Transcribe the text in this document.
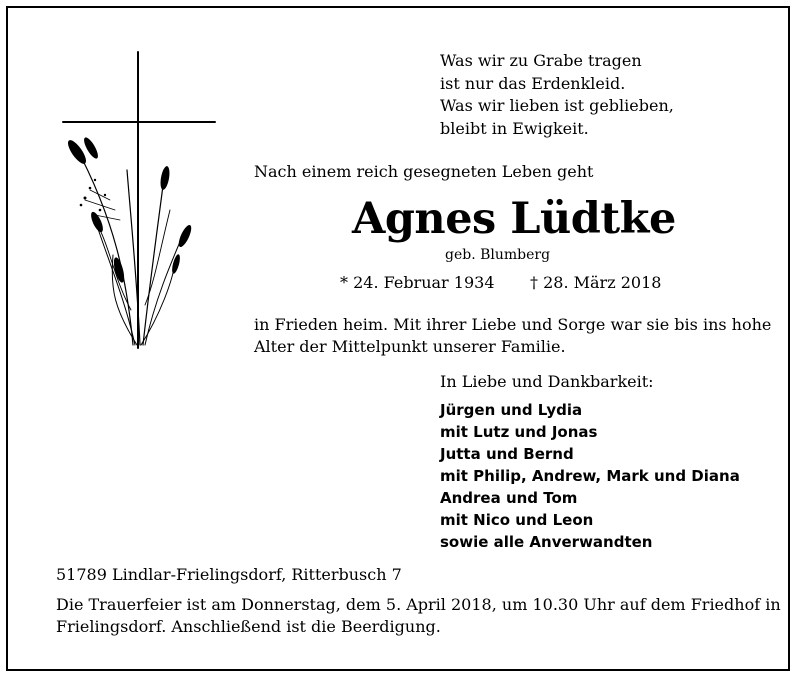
Was wir zu Grabe tragen
ist nur das Erdenkleid.
Was wir lieben ist geblieben,
bleibt in Ewigkeit.
Nach einem reich gesegneten Leben geht
Agnes Lüdtke
geb. Blumberg
* 24. Februar 1934 † 28. März 2018
in Frieden heim. Mit ihrer Liebe und Sorge war sie bis ins hohe
Alter der Mittelpunkt unserer Familie.
In Liebe und Dankbarkeit:
Jürgen und Lydia
mit Lutz und Jonas
Jutta und Bernd
mit Philip, Andrew, Mark und Diana
Andrea und Tom
mit Nico und Leon
sowie alle Anverwandten
51789 Lindlar-Frielingsdorf, Ritterbusch 7
Die Trauerfeier ist am Donnerstag, dem 5. April 2018, um 10.30 Uhr auf dem Friedhof in
Frielingsdorf. Anschließend ist die Beerdigung.
